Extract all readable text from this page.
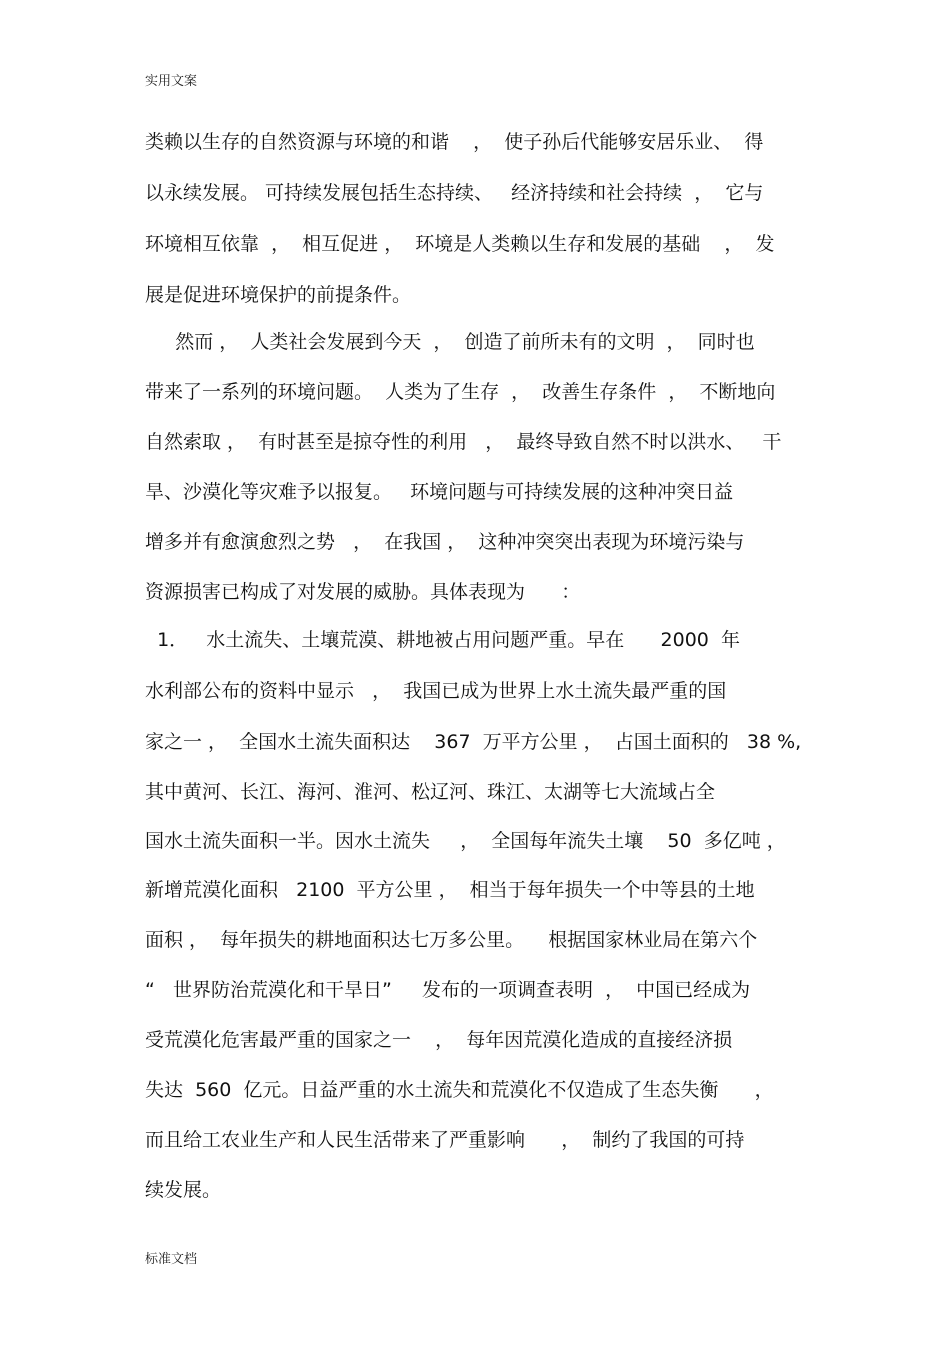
实用文案
类赖以生存的自然资源与环境的和谐    ，  使子孙后代能够安居乐业、  得
以永续发展。 可持续发展包括生态持续、   经济持续和社会持续  ，  它与
环境相互依靠  ，  相互促进 ，  环境是人类赖以生存和发展的基础    ，  发
展是促进环境保护的前提条件。
然而 ，  人类社会发展到今天  ，  创造了前所未有的文明  ，  同时也
带来了一系列的环境问题。  人类为了生存  ，  改善生存条件  ，  不断地向
自然索取 ，  有时甚至是掠夺性的利用   ，  最终导致自然不时以洪水、   干
旱、沙漠化等灾难予以报复。   环境问题与可持续发展的这种冲突日益
增多并有愈演愈烈之势   ，  在我国 ，  这种冲突突出表现为环境污染与
资源损害已构成了对发展的威胁。具体表现为      ：
1．   水土流失、土壤荒漠、耕地被占用问题严重。早在      2000  年
水利部公布的资料中显示   ，  我国已成为世界上水土流失最严重的国
家之一 ，  全国水土流失面积达    367  万平方公里 ，  占国土面积的   38 %,
其中黄河、长江、海河、淮河、松辽河、珠江、太湖等七大流域占全
国水土流失面积一半。因水土流失     ，  全国每年流失土壤    50  多亿吨 ，
新增荒漠化面积   2100  平方公里 ，  相当于每年损失一个中等县的土地
面积 ，  每年损失的耕地面积达七万多公里。    根据国家林业局在第六个
“   世界防治荒漠化和干旱日”     发布的一项调查表明  ，  中国已经成为
受荒漠化危害最严重的国家之一    ，  每年因荒漠化造成的直接经济损
失达  560  亿元。日益严重的水土流失和荒漠化不仅造成了生态失衡      ，
而且给工农业生产和人民生活带来了严重影响      ，  制约了我国的可持
续发展。
标准文档
